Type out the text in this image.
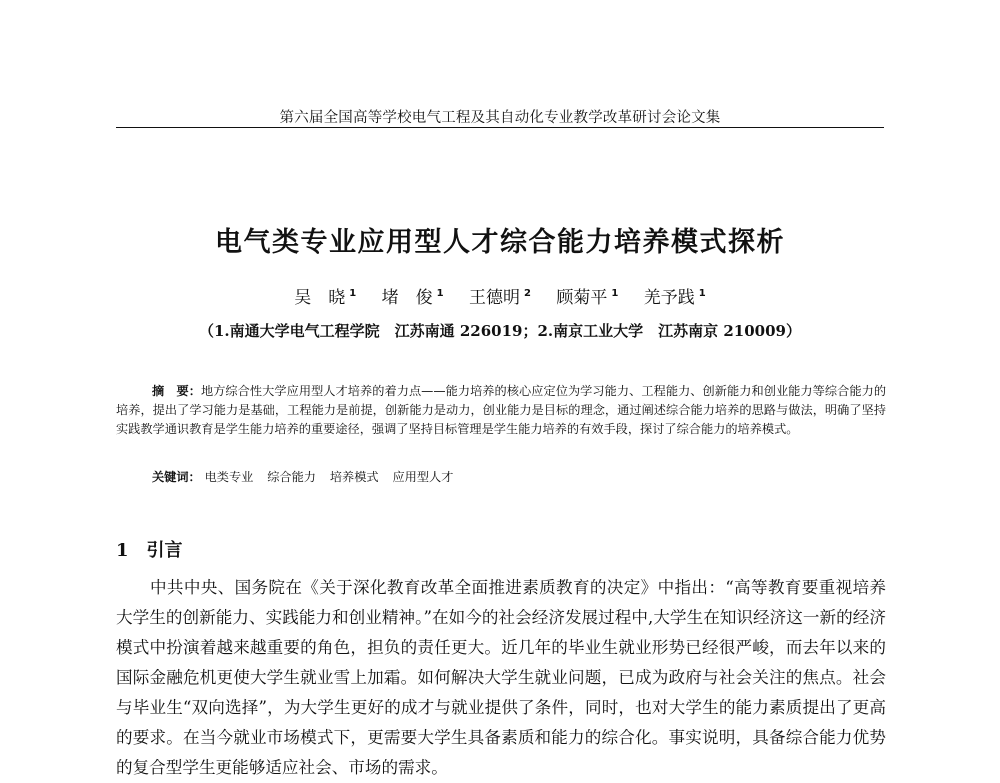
第六届全国高等学校电气工程及其自动化专业教学改革研讨会论文集
电气类专业应用型人才综合能力培养模式探析
吴　晓 $^1$ 堵　俊 $^1$ 王德明 $^2$ 顾菊平 $^1$ 羌予践 $^1$
（1.南通大学电气工程学院　江苏南通 226019；2.南京工业大学　江苏南京 210009）
摘　要：地方综合性大学应用型人才培养的着力点——能力培养的核心应定位为学习能力、工程能力、创新能力和创业能力等综合能力的培养，提出了学习能力是基础，工程能力是前提，创新能力是动力，创业能力是目标的理念，通过阐述综合能力培养的思路与做法，明确了坚持实践教学通识教育是学生能力培养的重要途径，强调了坚持目标管理是学生能力培养的有效手段，探讨了综合能力的培养模式。
关键词： 电类专业 综合能力 培养模式 应用型人才
1 引言
中共中央、国务院在《关于深化教育改革全面推进素质教育的决定》中指出：“高等教育要重视培养大学生的创新能力、实践能力和创业精神。”在如今的社会经济发展过程中,大学生在知识经济这一新的经济模式中扮演着越来越重要的角色，担负的责任更大。近几年的毕业生就业形势已经很严峻，而去年以来的国际金融危机更使大学生就业雪上加霜。如何解决大学生就业问题，已成为政府与社会关注的焦点。社会与毕业生“双向选择”，为大学生更好的成才与就业提供了条件，同时，也对大学生的能力素质提出了更高的要求。在当今就业市场模式下，更需要大学生具备素质和能力的综合化。事实说明，具备综合能力优势的复合型学生更能够适应社会、市场的需求。
